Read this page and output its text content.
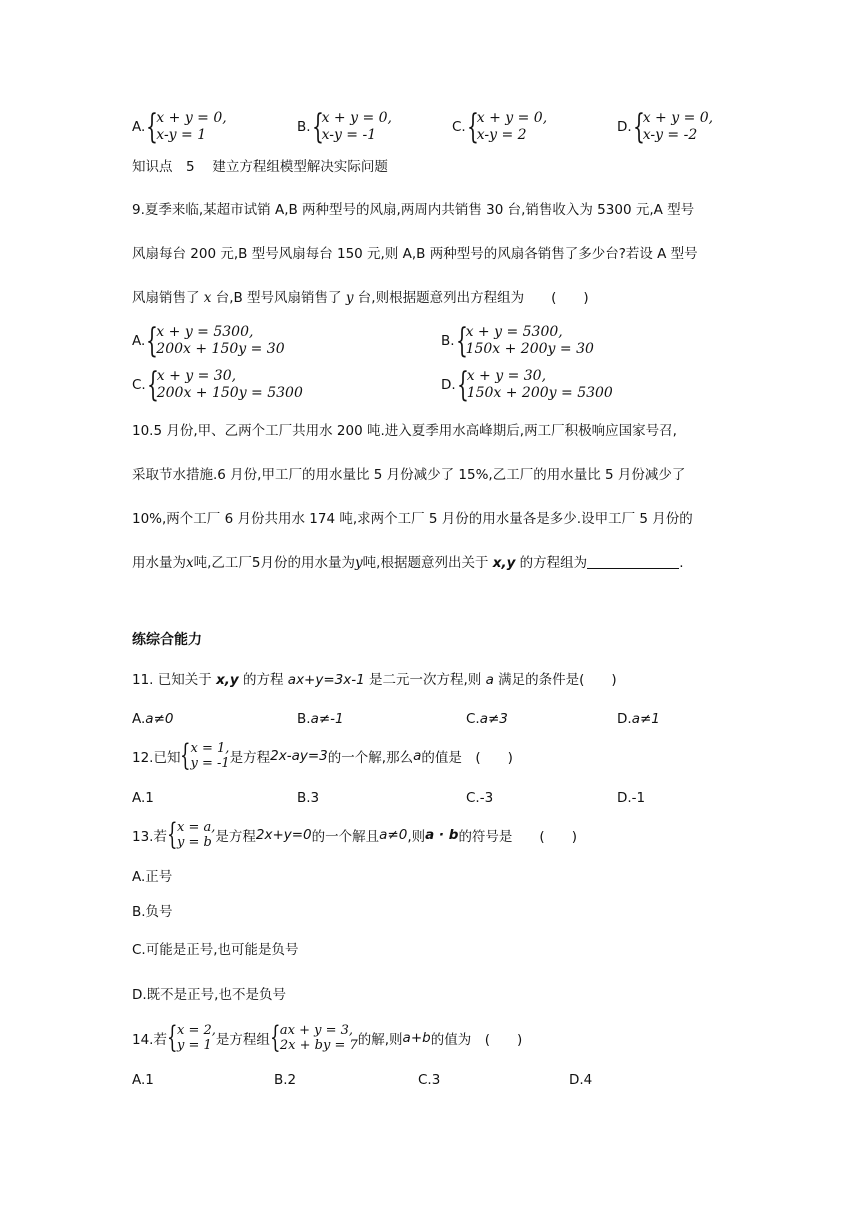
A. {
x + y = 0,
x-y = 1	B. {
x + y = 0,
x-y = -1	C. {
x + y = 0,
x-y = 2	D. {
x + y = 0,
x-y = -2
知识点　5　 建立方程组模型解决实际问题
9.夏季来临,某超市试销 A,B 两种型号的风扇,两周内共销售 30 台,销售收入为 5300 元,A 型号
风扇每台 200 元,B 型号风扇每台 150 元,则 A,B 两种型号的风扇各销售了多少台?若设 A 型号
风扇销售了 x 台,B 型号风扇销售了 y 台,则根据题意列出方程组为　　(　　)
A. {
x + y = 5300,
200x + 150y = 30	B. {
x + y = 5300,
150x + 200y = 30
C. {
x + y = 30,
200x + 150y = 5300	D. {
x + y = 30,
150x + 200y = 5300
10.5 月份,甲、乙两个工厂共用水 200 吨.进入夏季用水高峰期后,两工厂积极响应国家号召,
采取节水措施.6 月份,甲工厂的用水量比 5 月份减少了 15%,乙工厂的用水量比 5 月份减少了
10%,两个工厂 6 月份共用水 174 吨,求两个工厂 5 月份的用水量各是多少.设甲工厂 5 月份的
用水量为x吨,乙工厂5月份的用水量为y吨,根据题意列出关于 x,y 的方程组为	.
练综合能力
11. 已知关于 x,y 的方程 ax+y=3x-1 是二元一次方程,则 a 满足的条件是(　　)
A.a≠0	B.a≠-1	C.a≠3	D.a≠1
12.已知 { x = 1,
y = -1 是方程 2x-ay=3 的一个解,那么 a 的值是　(　　)
A.1	B.3	C.-3	D.-1
13.若 { x = a,
y = b 是方程 2x+y=0 的一个解且 a≠0 ,则 a · b 的符号是　　(　　)
A.正号
B.负号
C.可能是正号,也可能是负号
D.既不是正号,也不是负号
14.若 { x = 2,
y = 1 是方程组 { ax + y = 3,
2x + by = 7 的解,则 a+b 的值为　(　　)
A.1	B.2	C.3	D.4
